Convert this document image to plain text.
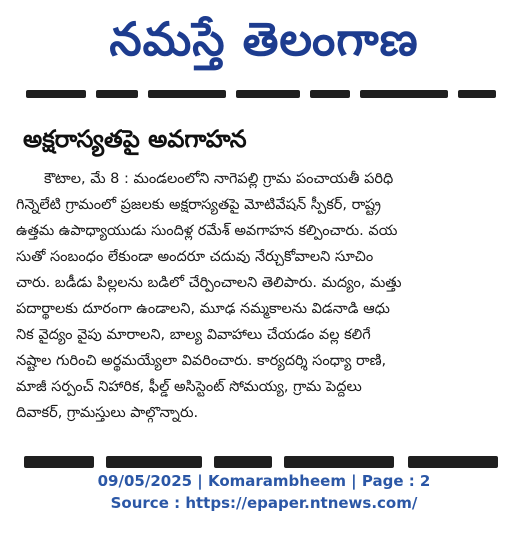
నమస్తే తెలంగాణ
అక్షరాస్యతపై అవగాహన
కౌటాల, మే 8 : మండలంలోని నాగెపల్లి గ్రామ పంచాయతీ పరిధి
గిన్నెలేటి గ్రామంలో ప్రజలకు అక్షరాస్యతపై మోటివేషన్ స్పీకర్, రాష్ట్ర
ఉత్తమ ఉపాధ్యాయుడు సుందిళ్ల రమేశ్ అవగాహన కల్పించారు. వయ
సుతో సంబంధం లేకుండా అందరూ చదువు నేర్చుకోవాలని సూచిం
చారు. బడీడు పిల్లలను బడిలో చేర్పించాలని తెలిపారు. మద్యం, మత్తు
పదార్థాలకు దూరంగా ఉండాలని, మూఢ నమ్మకాలను విడనాడి ఆధు
నిక వైద్యం వైపు మారాలని, బాల్య వివాహాలు చేయడం వల్ల కలిగే
నష్టాల గురించి అర్థమయ్యేలా వివరించారు. కార్యదర్శి సంధ్యా రాణి,
మాజీ సర్పంచ్ నిహారిక, ఫీల్డ్ అసిస్టెంట్ సోమయ్య, గ్రామ పెద్దలు
దివాకర్, గ్రామస్తులు పాల్గొన్నారు.
09/05/2025 | Komarambheem | Page : 2
Source : https://epaper.ntnews.com/
